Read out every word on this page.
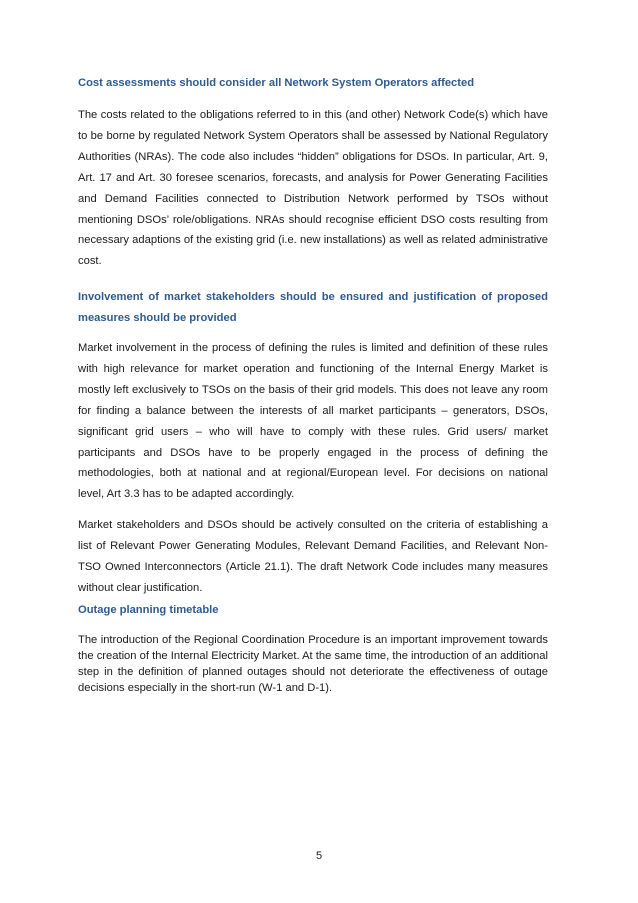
Cost assessments should consider all Network System Operators affected

The costs related to the obligations referred to in this (and other) Network Code(s) which have to be borne by regulated Network System Operators shall be assessed by National Regulatory Authorities (NRAs). The code also includes “hidden” obligations for DSOs. In particular, Art. 9, Art. 17 and Art. 30 foresee scenarios, forecasts, and analysis for Power Generating Facilities and Demand Facilities connected to Distribution Network performed by TSOs without mentioning DSOs’ role/obligations. NRAs should recognise efficient DSO costs resulting from necessary adaptions of the existing grid (i.e. new installations) as well as related administrative cost.

Involvement of market stakeholders should be ensured and justification of proposed measures should be provided

Market involvement in the process of defining the rules is limited and definition of these rules with high relevance for market operation and functioning of the Internal Energy Market is mostly left exclusively to TSOs on the basis of their grid models. This does not leave any room for finding a balance between the interests of all market participants – generators, DSOs, significant grid users – who will have to comply with these rules. Grid users/ market participants and DSOs have to be properly engaged in the process of defining the methodologies, both at national and at regional/European level. For decisions on national level, Art 3.3 has to be adapted accordingly.

Market stakeholders and DSOs should be actively consulted on the criteria of establishing a list of Relevant Power Generating Modules, Relevant Demand Facilities, and Relevant Non-TSO Owned Interconnectors (Article 21.1). The draft Network Code includes many measures without clear justification.

Outage planning timetable

The introduction of the Regional Coordination Procedure is an important improvement towards the creation of the Internal Electricity Market. At the same time, the introduction of an additional step in the definition of planned outages should not deteriorate the effectiveness of outage decisions especially in the short-run (W-1 and D-1).

5
